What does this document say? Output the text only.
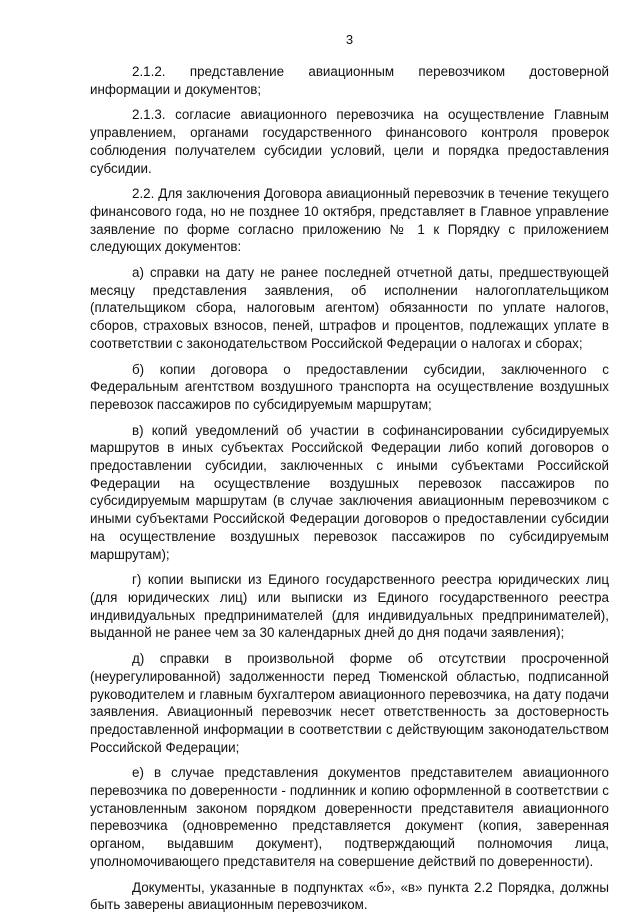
3

2.1.2. представление авиационным перевозчиком достоверной информации и документов;

2.1.3. согласие авиационного перевозчика на осуществление Главным управлением, органами государственного финансового контроля проверок соблюдения получателем субсидии условий, цели и порядка предоставления субсидии.

2.2. Для заключения Договора авиационный перевозчик в течение текущего финансового года, но не позднее 10 октября, представляет в Главное управление заявление по форме согласно приложению № 1 к Порядку с приложением следующих документов:

а) справки на дату не ранее последней отчетной даты, предшествующей месяцу представления заявления, об исполнении налогоплательщиком (плательщиком сбора, налоговым агентом) обязанности по уплате налогов, сборов, страховых взносов, пеней, штрафов и процентов, подлежащих уплате в соответствии с законодательством Российской Федерации о налогах и сборах;

б) копии договора о предоставлении субсидии, заключенного с Федеральным агентством воздушного транспорта на осуществление воздушных перевозок пассажиров по субсидируемым маршрутам;

в) копий уведомлений об участии в софинансировании субсидируемых маршрутов в иных субъектах Российской Федерации либо копий договоров о предоставлении субсидии, заключенных с иными субъектами Российской Федерации на осуществление воздушных перевозок пассажиров по субсидируемым маршрутам (в случае заключения авиационным перевозчиком с иными субъектами Российской Федерации договоров о предоставлении субсидии на осуществление воздушных перевозок пассажиров по субсидируемым маршрутам);

г) копии выписки из Единого государственного реестра юридических лиц (для юридических лиц) или выписки из Единого государственного реестра индивидуальных предпринимателей (для индивидуальных предпринимателей), выданной не ранее чем за 30 календарных дней до дня подачи заявления);

д) справки в произвольной форме об отсутствии просроченной (неурегулированной) задолженности перед Тюменской областью, подписанной руководителем и главным бухгалтером авиационного перевозчика, на дату подачи заявления. Авиационный перевозчик несет ответственность за достоверность предоставленной информации в соответствии с действующим законодательством Российской Федерации;

е) в случае представления документов представителем авиационного перевозчика по доверенности - подлинник и копию оформленной в соответствии с установленным законом порядком доверенности представителя авиационного перевозчика (одновременно представляется документ (копия, заверенная органом, выдавшим документ), подтверждающий полномочия лица, уполномочивающего представителя на совершение действий по доверенности).

Документы, указанные в подпунктах «б», «в» пункта 2.2 Порядка, должны быть заверены авиационным перевозчиком.
